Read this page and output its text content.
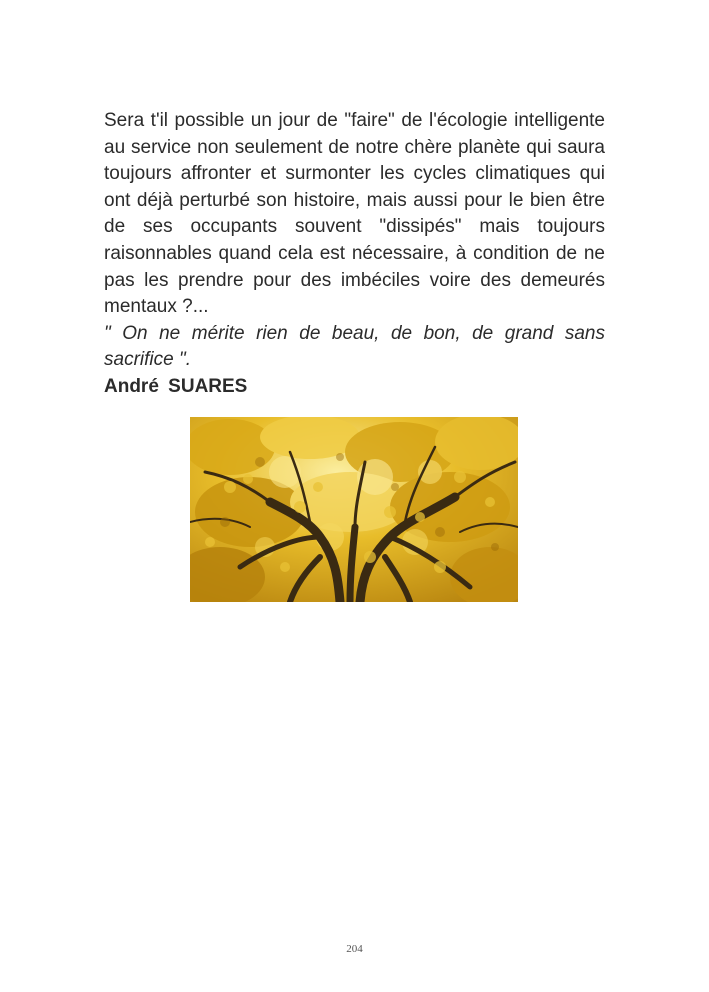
Sera t'il possible un jour de "faire" de l'écologie intelligente au service non seulement de notre chère planète qui saura toujours affronter et surmonter les cycles climatiques qui ont déjà perturbé son histoire, mais aussi pour le bien être de ses occupants souvent "dissipés" mais toujours raisonnables quand cela est nécessaire, à condition de ne pas les prendre pour des imbéciles voire des demeurés mentaux ?...

" On ne mérite rien de beau, de bon, de grand sans sacrifice ".

André SUARES

204
